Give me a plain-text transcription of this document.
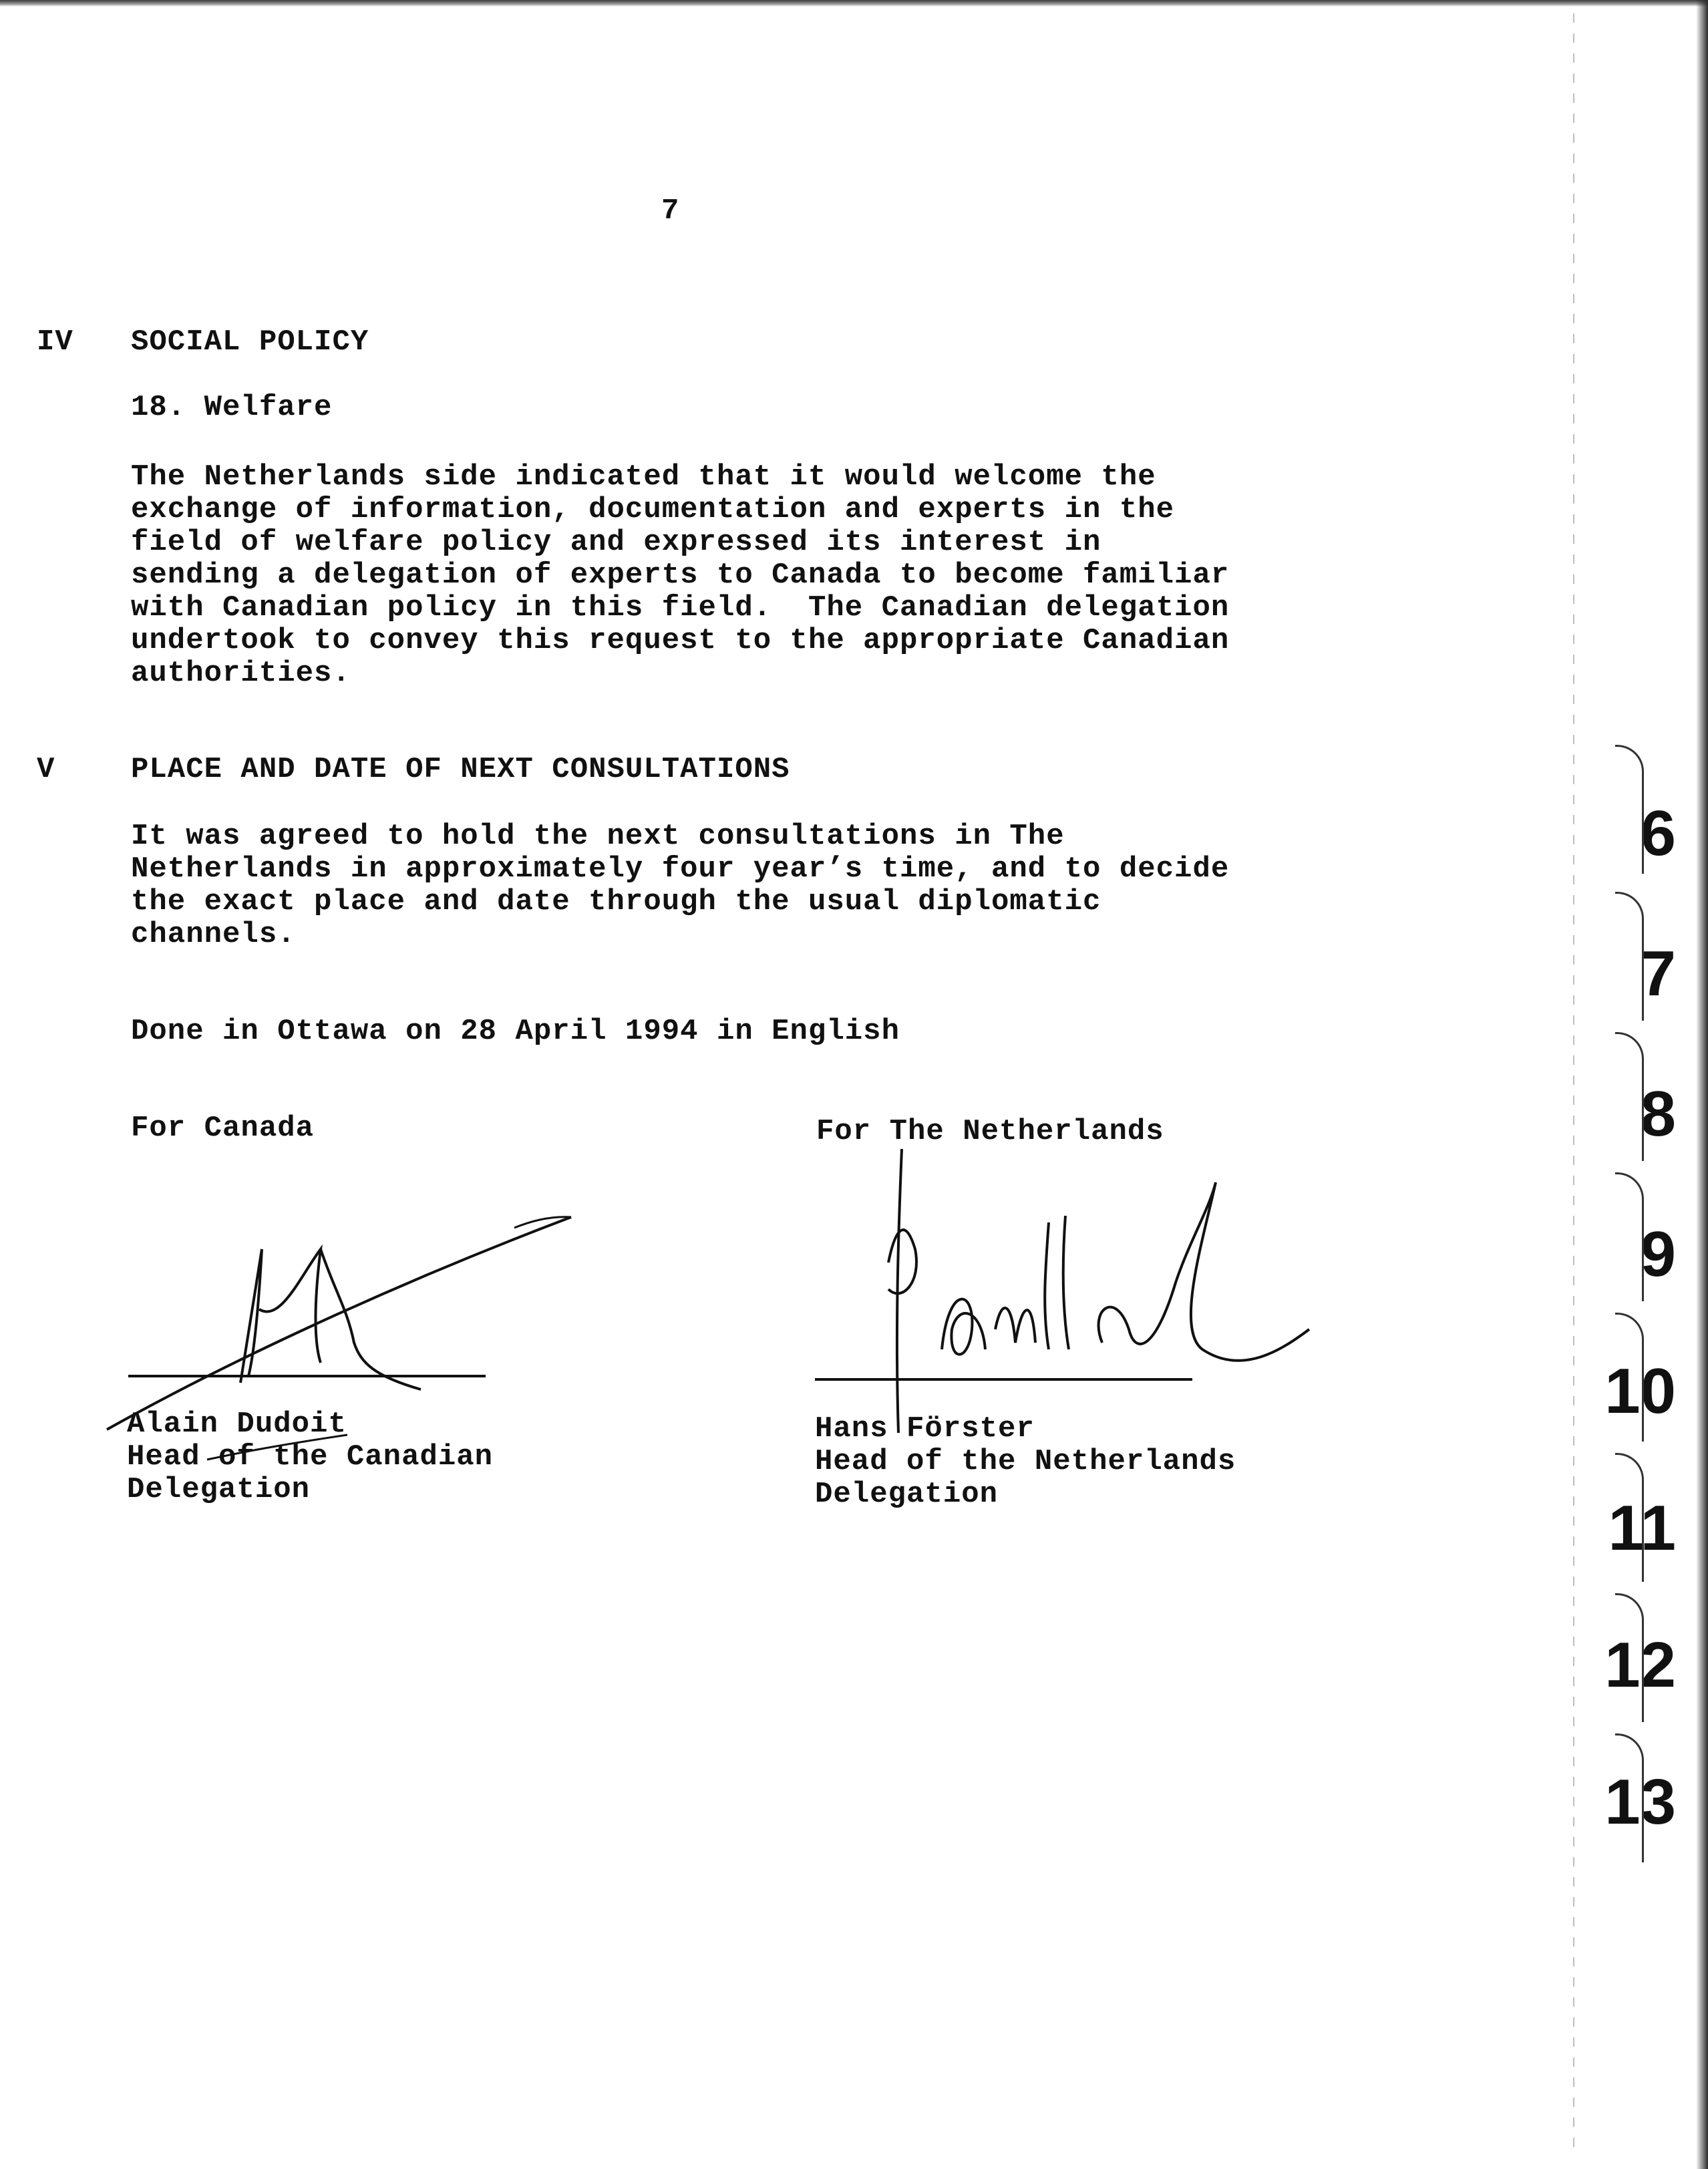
7
IV SOCIAL POLICY
18. Welfare
The Netherlands side indicated that it would welcome the
exchange of information, documentation and experts in the
field of welfare policy and expressed its interest in
sending a delegation of experts to Canada to become familiar
with Canadian policy in this field.  The Canadian delegation
undertook to convey this request to the appropriate Canadian
authorities.
V	PLACE AND DATE OF NEXT CONSULTATIONS
It was agreed to hold the next consultations in The
Netherlands in approximately four year’s time, and to decide
the exact place and date through the usual diplomatic
channels.
Done in Ottawa on 28 April 1994 in English
For Canada
Alain Dudoit
Head of the Canadian
Delegation
For The Netherlands
Hans Förster
Head of the Netherlands
Delegation
6
7
8
9
10
11
12
13
